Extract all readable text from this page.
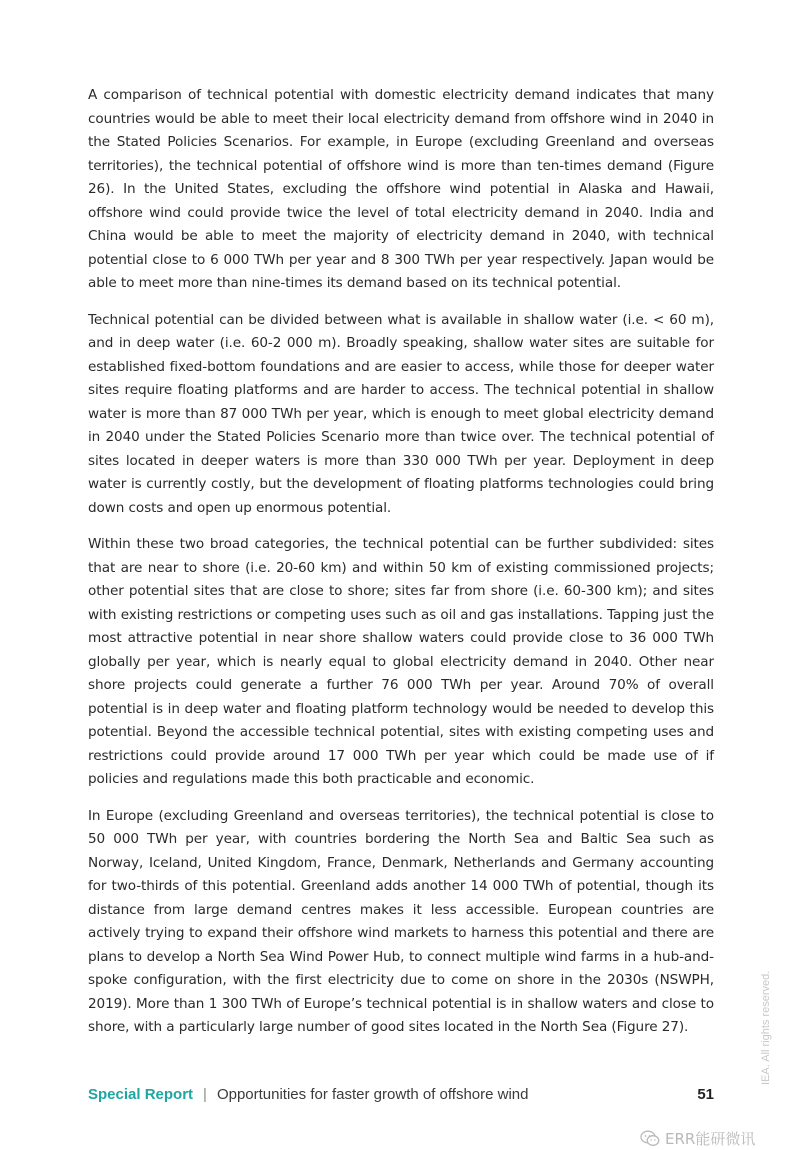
A comparison of technical potential with domestic electricity demand indicates that many countries would be able to meet their local electricity demand from offshore wind in 2040 in the Stated Policies Scenarios. For example, in Europe (excluding Greenland and overseas territories), the technical potential of offshore wind is more than ten-times demand (Figure 26). In the United States, excluding the offshore wind potential in Alaska and Hawaii, offshore wind could provide twice the level of total electricity demand in 2040. India and China would be able to meet the majority of electricity demand in 2040, with technical potential close to 6 000 TWh per year and 8 300 TWh per year respectively. Japan would be able to meet more than nine-times its demand based on its technical potential.

Technical potential can be divided between what is available in shallow water (i.e. < 60 m), and in deep water (i.e. 60-2 000 m). Broadly speaking, shallow water sites are suitable for established fixed-bottom foundations and are easier to access, while those for deeper water sites require floating platforms and are harder to access. The technical potential in shallow water is more than 87 000 TWh per year, which is enough to meet global electricity demand in 2040 under the Stated Policies Scenario more than twice over. The technical potential of sites located in deeper waters is more than 330 000 TWh per year. Deployment in deep water is currently costly, but the development of floating platforms technologies could bring down costs and open up enormous potential.

Within these two broad categories, the technical potential can be further subdivided: sites that are near to shore (i.e. 20-60 km) and within 50 km of existing commissioned projects; other potential sites that are close to shore; sites far from shore (i.e. 60-300 km); and sites with existing restrictions or competing uses such as oil and gas installations. Tapping just the most attractive potential in near shore shallow waters could provide close to 36 000 TWh globally per year, which is nearly equal to global electricity demand in 2040. Other near shore projects could generate a further 76 000 TWh per year. Around 70% of overall potential is in deep water and floating platform technology would be needed to develop this potential. Beyond the accessible technical potential, sites with existing competing uses and restrictions could provide around 17 000 TWh per year which could be made use of if policies and regulations made this both practicable and economic.

In Europe (excluding Greenland and overseas territories), the technical potential is close to 50 000 TWh per year, with countries bordering the North Sea and Baltic Sea such as Norway, Iceland, United Kingdom, France, Denmark, Netherlands and Germany accounting for two-thirds of this potential. Greenland adds another 14 000 TWh of potential, though its distance from large demand centres makes it less accessible. European countries are actively trying to expand their offshore wind markets to harness this potential and there are plans to develop a North Sea Wind Power Hub, to connect multiple wind farms in a hub-and-spoke configuration, with the first electricity due to come on shore in the 2030s (NSWPH, 2019). More than 1 300 TWh of Europe’s technical potential is in shallow waters and close to shore, with a particularly large number of good sites located in the North Sea (Figure 27).

Special Report | Opportunities for faster growth of offshore wind	51
IEA. All rights reserved.
ERR能研微讯
